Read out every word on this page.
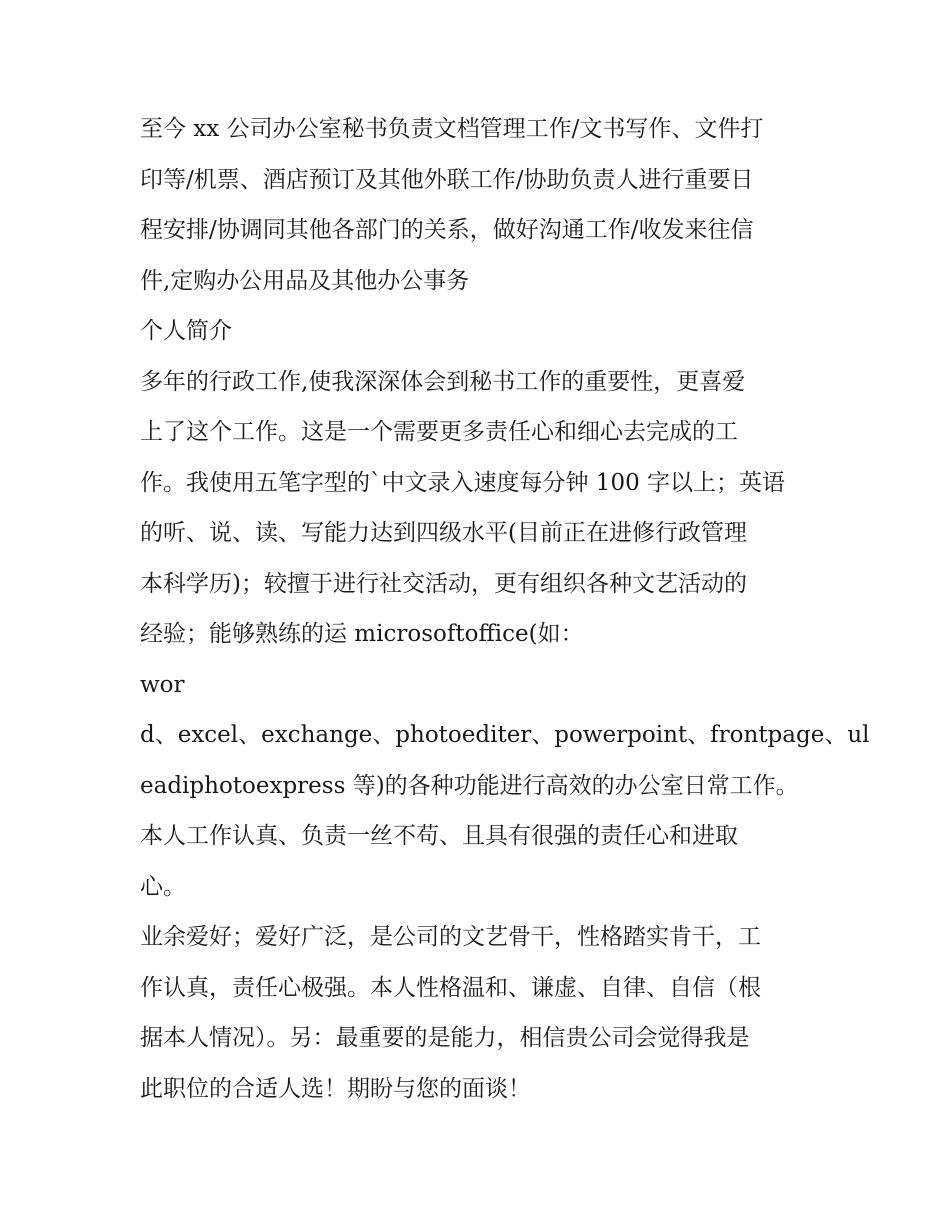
至今 xx 公司办公室秘书负责文档管理工作/文书写作、文件打
印等/机票、酒店预订及其他外联工作/协助负责人进行重要日
程安排/协调同其他各部门的关系，做好沟通工作/收发来往信
件,定购办公用品及其他办公事务
个人简介
多年的行政工作,使我深深体会到秘书工作的重要性，更喜爱
上了这个工作。这是一个需要更多责任心和细心去完成的工
作。我使用五笔字型的`中文录入速度每分钟 100 字以上；英语
的听、说、读、写能力达到四级水平(目前正在进修行政管理
本科学历)；较擅于进行社交活动，更有组织各种文艺活动的
经验；能够熟练的运 microsoftoffice(如：
wor
d、excel、exchange、photoediter、powerpoint、frontpage、ul
eadiphotoexpress 等)的各种功能进行高效的办公室日常工作。
本人工作认真、负责一丝不苟、且具有很强的责任心和进取
心。
业余爱好；爱好广泛，是公司的文艺骨干，性格踏实肯干，工
作认真，责任心极强。本人性格温和、谦虚、自律、自信（根
据本人情况）。另：最重要的是能力，相信贵公司会觉得我是
此职位的合适人选！期盼与您的面谈！
